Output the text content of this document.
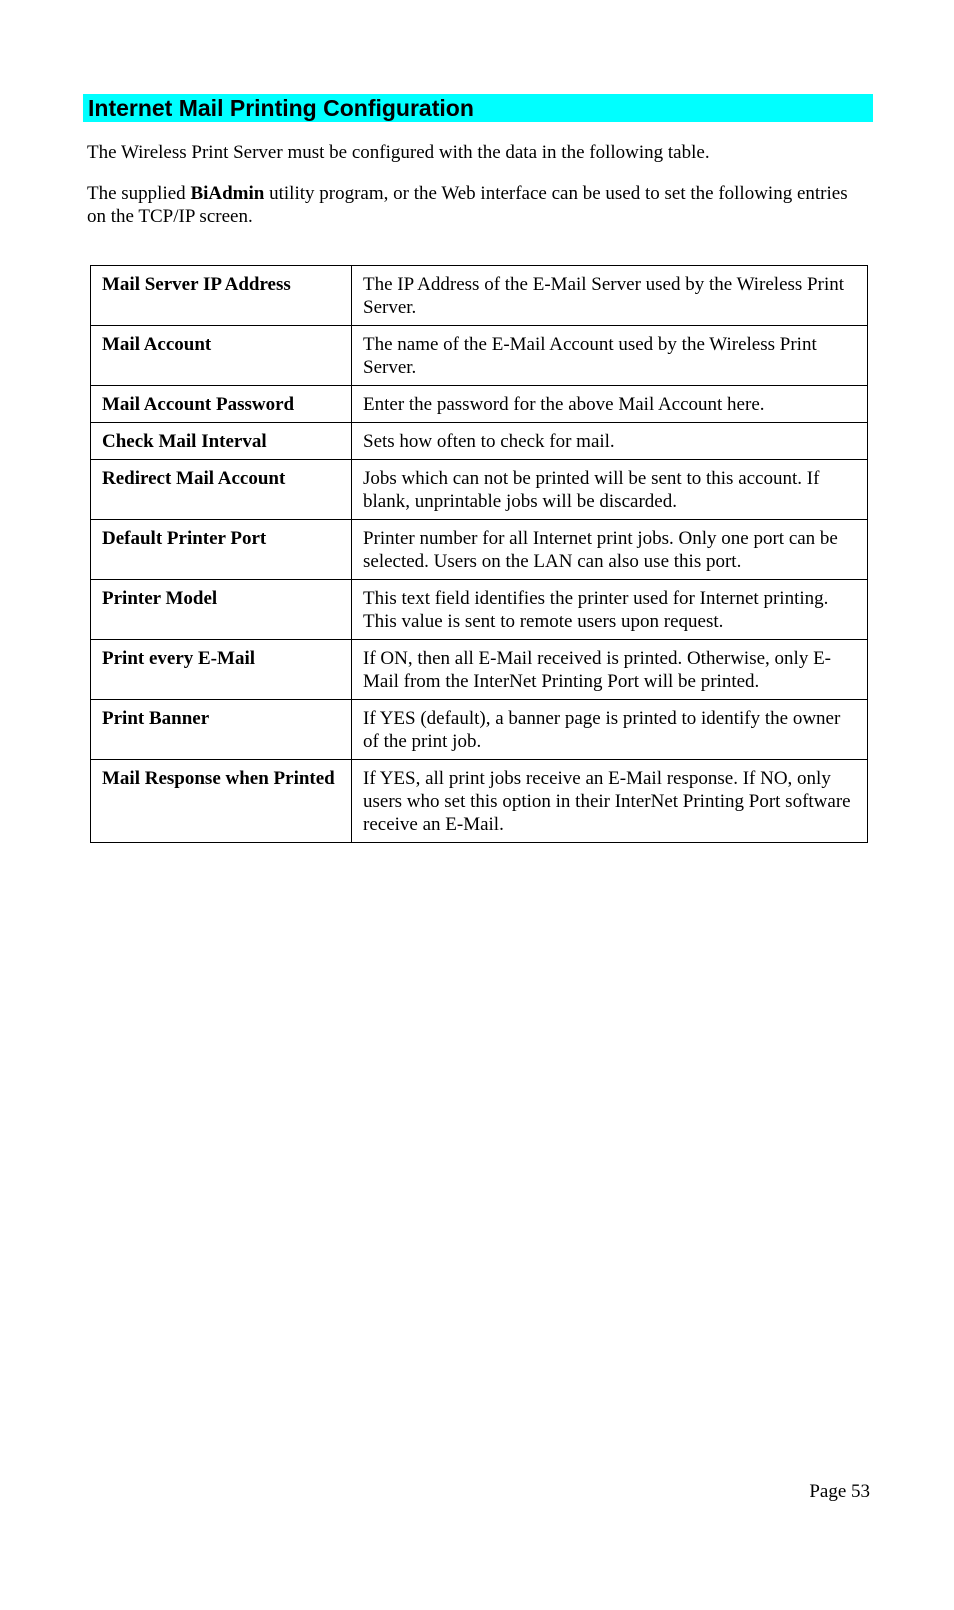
Internet Mail Printing Configuration
The Wireless Print Server must be configured with the data in the following table.
The supplied BiAdmin utility program, or the Web interface can be used to set the following entries on the TCP/IP screen.
Mail Server IP Address	The IP Address of the E-Mail Server used by the Wireless Print Server.
Mail Account	The name of the E-Mail Account used by the Wireless Print Server.
Mail Account Password	Enter the password for the above Mail Account here.
Check Mail Interval	Sets how often to check for mail.
Redirect Mail Account	Jobs which can not be printed will be sent to this account. If blank, unprintable jobs will be discarded.
Default Printer Port	Printer number for all Internet print jobs. Only one port can be selected. Users on the LAN can also use this port.
Printer Model	This text field identifies the printer used for Internet printing. This value is sent to remote users upon request.
Print every E-Mail	If ON, then all E-Mail received is printed. Otherwise, only E-Mail from the InterNet Printing Port will be printed.
Print Banner	If YES (default), a banner page is printed to identify the owner of the print job.
Mail Response when Printed	If YES, all print jobs receive an E-Mail response. If NO, only users who set this option in their InterNet Printing Port software receive an E-Mail.
Page 53
